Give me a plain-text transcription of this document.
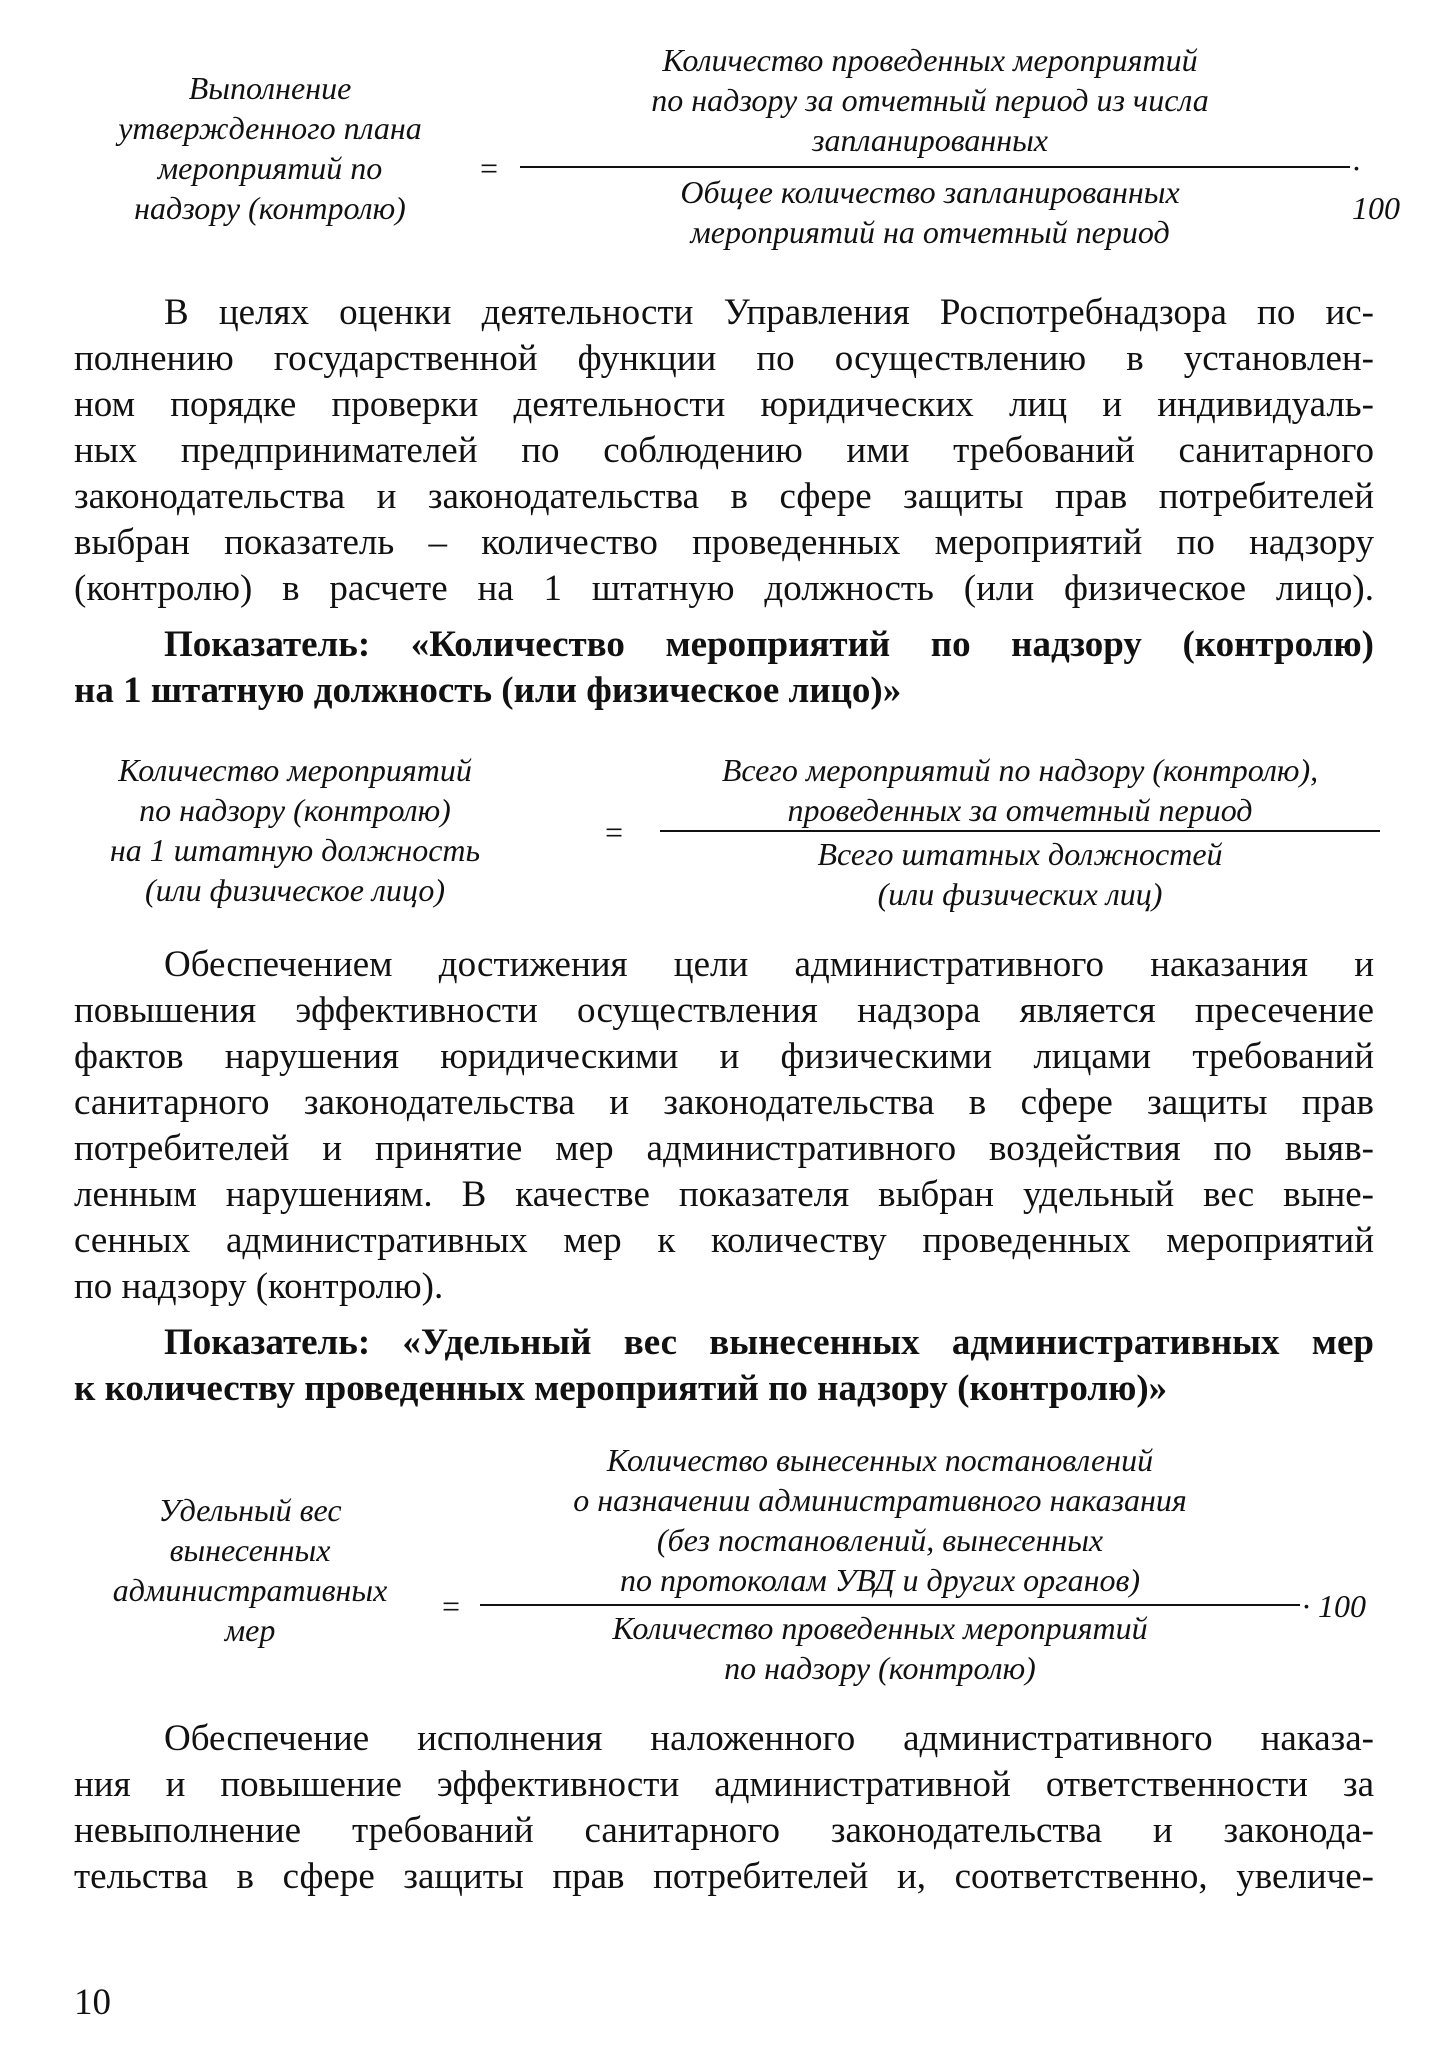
Выполнение
утвержденного плана
мероприятий по
надзору (контролю)
=
Количество проведенных мероприятий
по надзору за отчетный период из числа
запланированных
Общее количество запланированных
мероприятий на отчетный период
· 100

В целях оценки деятельности Управления Роспотребнадзора по ис-
полнению государственной функции по осуществлению в установлен-
ном порядке проверки деятельности юридических лиц и индивидуаль-
ных предпринимателей по соблюдению ими требований санитарного
законодательства и законодательства в сфере защиты прав потребителей
выбран показатель – количество проведенных мероприятий по надзору
(контролю) в расчете на 1 штатную должность (или физическое лицо).

Показатель: «Количество мероприятий по надзору (контролю)
на 1 штатную должность (или физическое лицо)»

Количество мероприятий
по надзору (контролю)
на 1 штатную должность
(или физическое лицо)
=
Всего мероприятий по надзору (контролю),
проведенных за отчетный период
Всего штатных должностей
(или физических лиц)

Обеспечением достижения цели административного наказания и
повышения эффективности осуществления надзора является пресечение
фактов нарушения юридическими и физическими лицами требований
санитарного законодательства и законодательства в сфере защиты прав
потребителей и принятие мер административного воздействия по выяв-
ленным нарушениям. В качестве показателя выбран удельный вес выне-
сенных административных мер к количеству проведенных мероприятий
по надзору (контролю).

Показатель: «Удельный вес вынесенных административных мер
к количеству проведенных мероприятий по надзору (контролю)»

Удельный вес
вынесенных
административных
мер
=
Количество вынесенных постановлений
о назначении административного наказания
(без постановлений, вынесенных
по протоколам УВД и других органов)
Количество проведенных мероприятий
по надзору (контролю)
· 100

Обеспечение исполнения наложенного административного наказа-
ния и повышение эффективности административной ответственности за
невыполнение требований санитарного законодательства и законода-
тельства в сфере защиты прав потребителей и, соответственно, увеличе-

10
